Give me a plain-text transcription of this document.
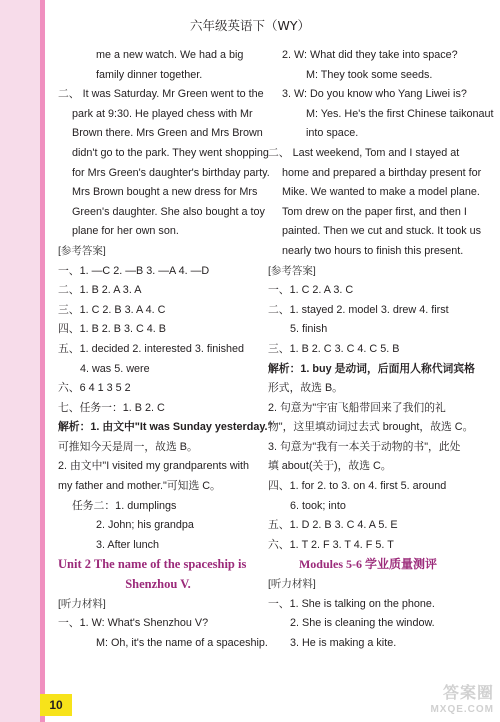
六年级英语下（WY）
me a new watch. We had a big
family dinner together.
二、 It was Saturday. Mr Green went to the
park at 9:30. He played chess with Mr
Brown there. Mrs Green and Mrs Brown
didn't go to the park. They went shopping
for Mrs Green's daughter's birthday party.
Mrs Brown bought a new dress for Mrs
Green's daughter. She also bought a toy
plane for her own son.
[参考答案]
一、1. —C 2. —B 3. —A 4. —D
二、1. B 2. A 3. A
三、1. C 2. B 3. A 4. C
四、1. B 2. B 3. C 4. B
五、1. decided 2. interested 3. finished
4. was 5. were
六、6 4 1 3 5 2
七、任务一：1. B 2. C
解析：1. 由文中"It was Sunday yesterday."
可推知今天是周一，故选 B。
2. 由文中"I visited my grandparents with
my father and mother."可知选 C。
任务二：1. dumplings
2. John; his grandpa
3. After lunch
Unit 2 The name of the spaceship is
Shenzhou V.
[听力材料]
一、1. W: What's Shenzhou V?
M: Oh, it's the name of a spaceship.
2. W: What did they take into space?
M: They took some seeds.
3. W: Do you know who Yang Liwei is?
M: Yes. He's the first Chinese taikonaut
into space.
二、 Last weekend, Tom and I stayed at
home and prepared a birthday present for
Mike. We wanted to make a model plane.
Tom drew on the paper first, and then I
painted. Then we cut and stuck. It took us
nearly two hours to finish this present.
[参考答案]
一、1. C 2. A 3. C
二、1. stayed 2. model 3. drew 4. first
5. finish
三、1. B 2. C 3. C 4. C 5. B
解析：1. buy 是动词，后面用人称代词宾格
形式，故选 B。
2. 句意为"宇宙飞船带回来了我们的礼
物"，这里填动词过去式 brought，故选 C。
3. 句意为"我有一本关于动物的书"，此处
填 about(关于)，故选 C。
四、1. for 2. to 3. on 4. first 5. around
6. took; into
五、1. D 2. B 3. C 4. A 5. E
六、1. T 2. F 3. T 4. F 5. T
Modules 5-6 学业质量测评
[听力材料]
一、1. She is talking on the phone.
2. She is cleaning the window.
3. He is making a kite.
10
答案圈
MXQE.COM
